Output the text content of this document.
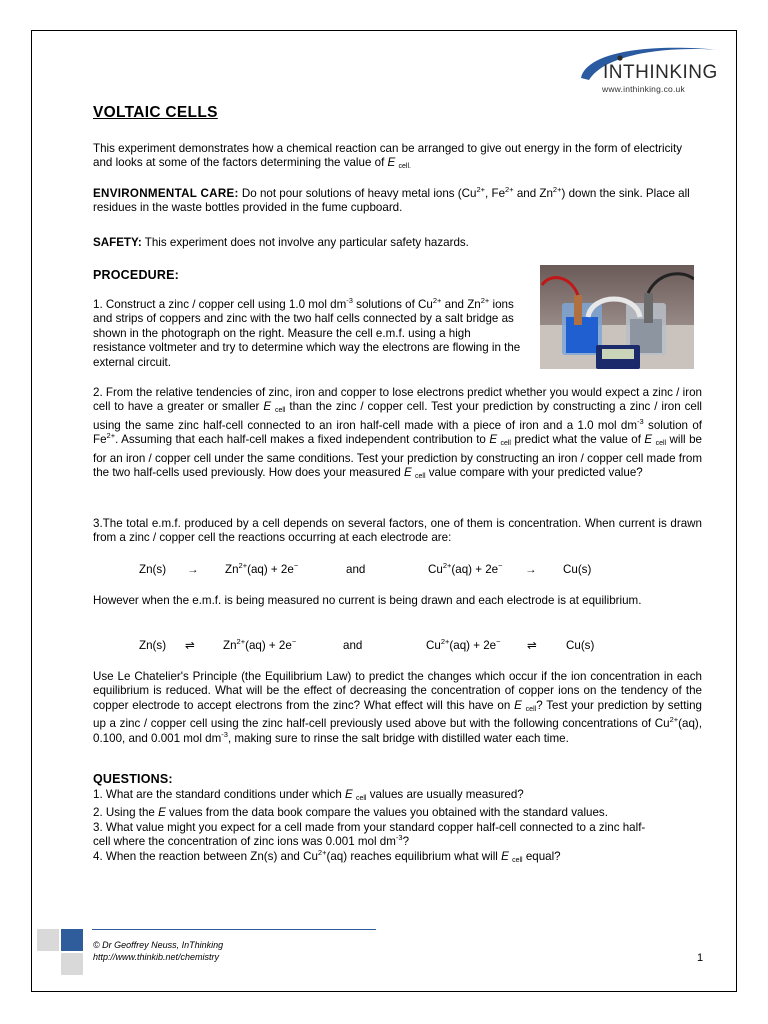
INTHINKING
www.inthinking.co.uk
VOLTAIC CELLS

This experiment demonstrates how a chemical reaction can be arranged to give out energy in the form of electricity and looks at some of the factors determining the value of E $_{cell.}$

ENVIRONMENTAL CARE: Do not pour solutions of heavy metal ions ($Cu^{2+}$, $Fe^{2+}$ and $Zn^{2+}$) down the sink. Place all residues in the waste bottles provided in the fume cupboard.

SAFETY: This experiment does not involve any particular safety hazards.

PROCEDURE:

1. Construct a zinc / copper cell using 1.0 mol $dm^{-3}$ solutions of $Cu^{2+}$ and $Zn^{2+}$ ions and strips of coppers and zinc with the two half cells connected by a salt bridge as shown in the photograph on the right. Measure the cell e.m.f. using a high resistance voltmeter and try to determine which way the electrons are flowing in the external circuit.

2. From the relative tendencies of zinc, iron and copper to lose electrons predict whether you would expect a zinc / iron cell to have a greater or smaller E $_{cell}$ than the zinc / copper cell. Test your prediction by constructing a zinc / iron cell using the same zinc half-cell connected to an iron half-cell made with a piece of iron and a 1.0 mol $dm^{-3}$ solution of $Fe^{2+}$. Assuming that each half-cell makes a fixed independent contribution to E $_{cell}$ predict what the value of E $_{cell}$ will be for an iron / copper cell under the same conditions. Test your prediction by constructing an iron / copper cell made from the two half-cells used previously. How does your measured E $_{cell}$ value compare with your predicted value?

3.The total e.m.f. produced by a cell depends on several factors, one of them is concentration. When current is drawn from a zinc / copper cell the reactions occurring at each electrode are:

$Zn(s) \to Zn^{2+}(aq) + 2e^-$	and	$Cu^{2+}(aq) + 2e^- \to Cu(s)$

However when the e.m.f. is being measured no current is being drawn and each electrode is at equilibrium.

Zn(s) ⇌ $Zn^{2+}(aq) + 2e^-$	and	$Cu^{2+}(aq) + 2e^-$ ⇌	Cu(s)

Use Le Chatelier's Principle (the Equilibrium Law) to predict the changes which occur if the ion concentration in each equilibrium is reduced. What will be the effect of decreasing the concentration of copper ions on the tendency of the copper electrode to accept electrons from the zinc? What effect will this have on E $_{cell}$? Test your prediction by setting up a zinc / copper cell using the zinc half-cell previously used above but with the following concentrations of $Cu^{2+}(aq)$, 0.100, and 0.001 mol $dm^{-3}$, making sure to rinse the salt bridge with distilled water each time.

QUESTIONS:

1. What are the standard conditions under which E $_{cell}$ values are usually measured?
2. Using the E values from the data book compare the values you obtained with the standard values.
3. What value might you expect for a cell made from your standard copper half-cell connected to a zinc half-cell where the concentration of zinc ions was 0.001 mol $dm^{-3}$?
4. When the reaction between Zn(s) and $Cu^{2+}(aq)$ reaches equilibrium what will E $_{cell}$ equal?
© Dr Geoffrey Neuss, InThinking
http://www.thinkib.net/chemistry	1
